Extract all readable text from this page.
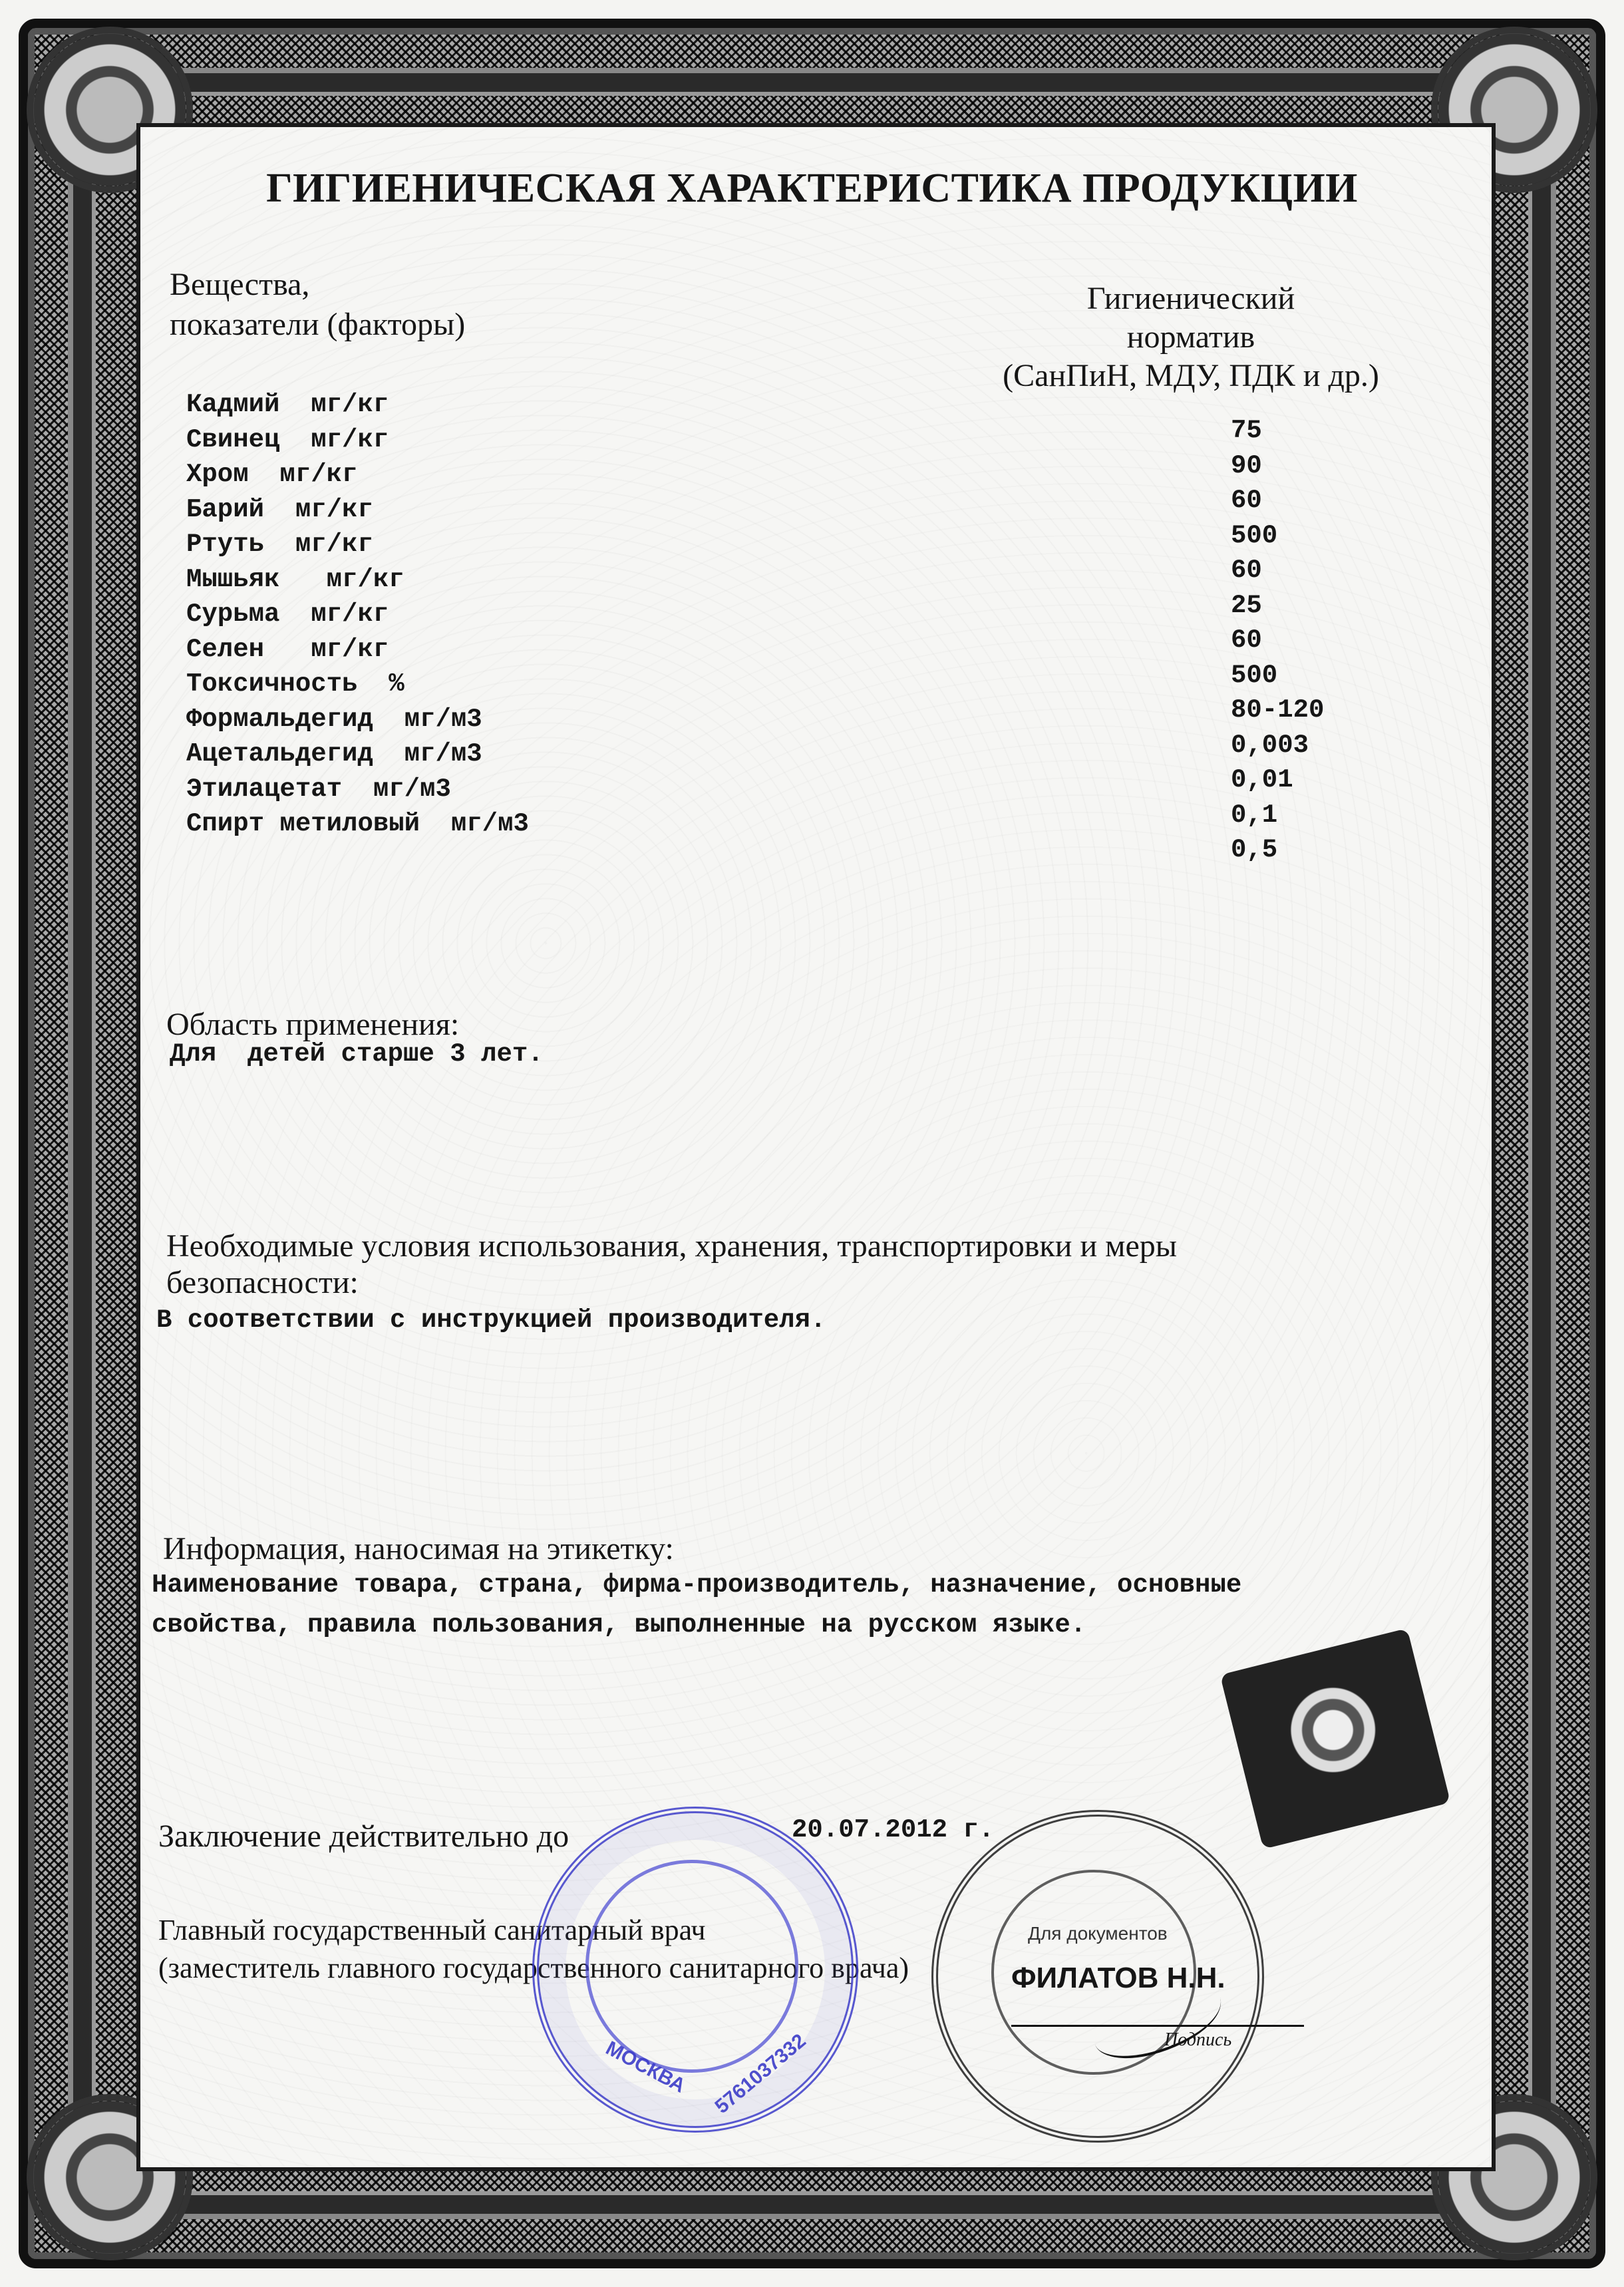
ГИГИЕНИЧЕСКАЯ ХАРАКТЕРИСТИКА ПРОДУКЦИИ
Вещества,
показатели (факторы)
Гигиенический
норматив
(СанПиН, МДУ, ПДК и др.)
Кадмий  мг/кг
Свинец  мг/кг
Хром  мг/кг
Барий  мг/кг
Ртуть  мг/кг
Мышьяк   мг/кг
Сурьма  мг/кг
Селен   мг/кг
Токсичность  %
Формальдегид  мг/м3
Ацетальдегид  мг/м3
Этилацетат  мг/м3
Спирт метиловый  мг/м3
75
90
60
500
60
25
60
500
80-120
0,003
0,01
0,1
0,5
Область применения:
Для  детей старше 3 лет.
Необходимые условия использования, хранения, транспортировки и меры
безопасности:
В соответствии с инструкцией производителя.
Информация, наносимая на этикетку:
Наименование товара, страна, фирма-производитель, назначение, основные
свойства, правила пользования, выполненные на русском языке.
Заключение действительно до	20.07.2012 г.
Главный государственный санитарный врач
(заместитель главного государственного санитарного врача)
МОСКВА 5761037332
Для документов
ФИЛАТОВ Н.Н.
Подпись
